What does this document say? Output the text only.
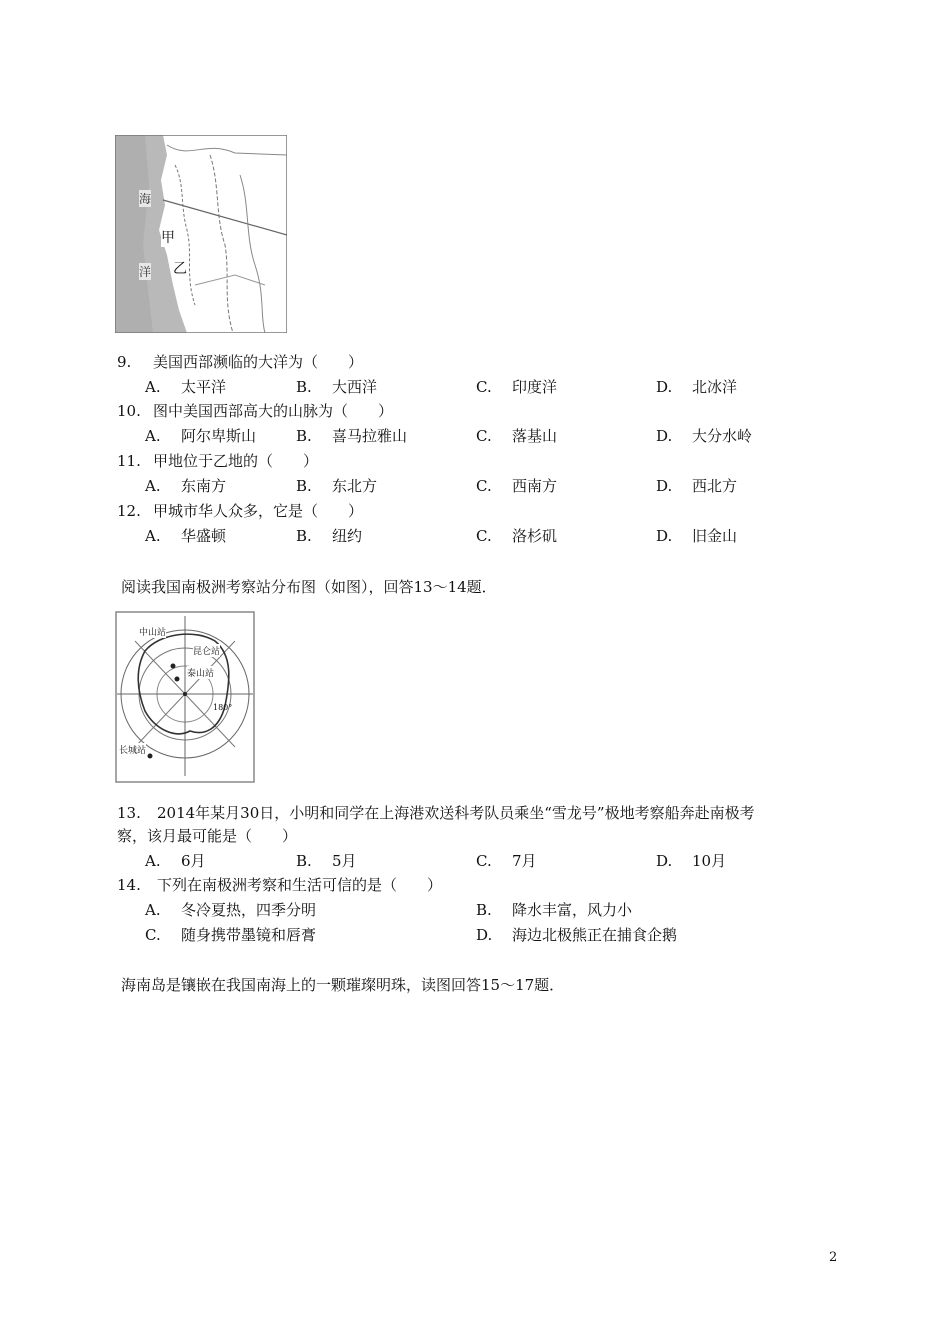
海
甲
乙
洋
9. 美国西部濒临的大洋为（　　）
A. 太平洋	B. 大西洋	C. 印度洋	D. 北冰洋
10. 图中美国西部高大的山脉为（　　）
A. 阿尔卑斯山	B. 喜马拉雅山	C. 落基山	D. 大分水岭
11. 甲地位于乙地的（　　）
A. 东南方	B. 东北方	C. 西南方	D. 西北方
12. 甲城市华人众多，它是（　　）
A. 华盛顿	B. 纽约	C. 洛杉矶	D. 旧金山
阅读我国南极洲考察站分布图（如图），回答13～14题．
中山站
昆仑站
泰山站
180°
长城站
13. 2014年某月30日，小明和同学在上海港欢送科考队员乘坐“雪龙号”极地考察船奔赴南极考
察，该月最可能是（　　）
A. 6月	B. 5月	C. 7月	D. 10月
14. 下列在南极洲考察和生活可信的是（　　）
A. 冬冷夏热，四季分明	B. 降水丰富，风力小
C. 随身携带墨镜和唇膏	D. 海边北极熊正在捕食企鹅
海南岛是镶嵌在我国南海上的一颗璀璨明珠，读图回答15～17题．
2
